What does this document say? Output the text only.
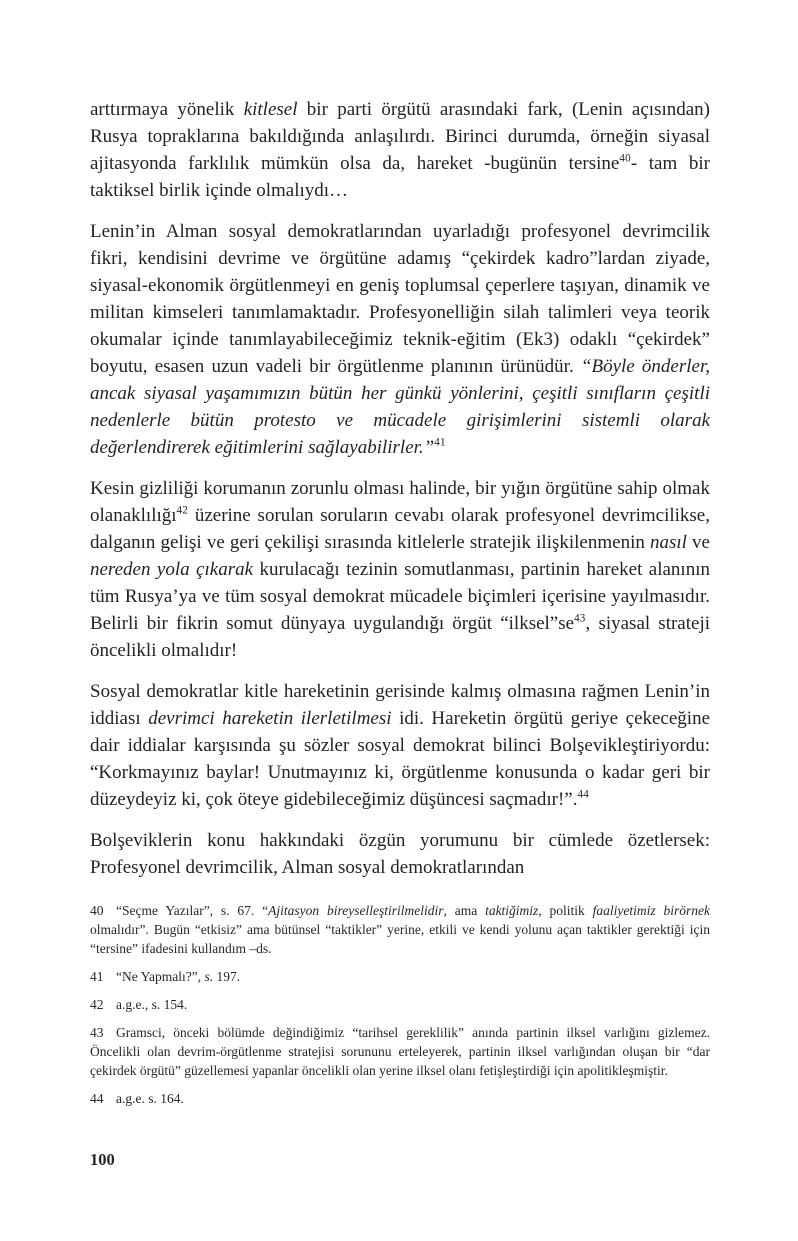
arttırmaya yönelik kitlesel bir parti örgütü arasındaki fark, (Lenin açısından) Rusya topraklarına bakıldığında anlaşılırdı. Birinci durumda, örneğin siyasal ajitasyonda farklılık mümkün olsa da, hareket -bugünün tersine$^{40}$- tam bir taktiksel birlik içinde olmalıydı…

Lenin’in Alman sosyal demokratlarından uyarladığı profesyonel devrimcilik fikri, kendisini devrime ve örgütüne adamış “çekirdek kadro”lardan ziyade, siyasal-ekonomik örgütlenmeyi en geniş toplumsal çeperlere taşıyan, dinamik ve militan kimseleri tanımlamaktadır. Profesyonelliğin silah talimleri veya teorik okumalar içinde tanımlayabileceğimiz teknik-eğitim (Ek3) odaklı “çekirdek” boyutu, esasen uzun vadeli bir örgütlenme planının ürünüdür. “Böyle önderler, ancak siyasal yaşamımızın bütün her günkü yönlerini, çeşitli sınıfların çeşitli nedenlerle bütün protesto ve mücadele girişimlerini sistemli olarak değerlendirerek eğitimlerini sağlayabilirler.”$^{41}$

Kesin gizliliği korumanın zorunlu olması halinde, bir yığın örgütüne sahip olmak olanaklılığı$^{42}$ üzerine sorulan soruların cevabı olarak profesyonel devrimcilikse, dalganın gelişi ve geri çekilişi sırasında kitlelerle stratejik ilişkilenmenin nasıl ve nereden yola çıkarak kurulacağı tezinin somutlanması, partinin hareket alanının tüm Rusya’ya ve tüm sosyal demokrat mücadele biçimleri içerisine yayılmasıdır. Belirli bir fikrin somut dünyaya uygulandığı örgüt “ilksel”se$^{43}$, siyasal strateji öncelikli olmalıdır!

Sosyal demokratlar kitle hareketinin gerisinde kalmış olmasına rağmen Lenin’in iddiası devrimci hareketin ilerletilmesi idi. Hareketin örgütü geriye çekeceğine dair iddialar karşısında şu sözler sosyal demokrat bilinci Bolşevikleştiriyordu: “Korkmayınız baylar! Unutmayınız ki, örgütlenme konusunda o kadar geri bir düzeydeyiz ki, çok öteye gidebileceğimiz düşüncesi saçmadır!”.$^{44}$

Bolşeviklerin konu hakkındaki özgün yorumunu bir cümlede özetlersek: Profesyonel devrimcilik, Alman sosyal demokratlarından

40 “Seçme Yazılar”, s. 67. “Ajitasyon bireyselleştirilmelidir, ama taktiğimiz, politik faaliyetimiz birörnek olmalıdır”. Bugün “etkisiz” ama bütünsel “taktikler” yerine, etkili ve kendi yolunu açan taktikler gerektiği için “tersine” ifadesini kullandım –ds.

41 “Ne Yapmalı?”, s. 197.

42 a.g.e., s. 154.

43 Gramsci, önceki bölümde değindiğimiz “tarihsel gereklilik” anında partinin ilksel varlığını gizlemez. Öncelikli olan devrim-örgütlenme stratejisi sorununu erteleyerek, partinin ilksel varlığından oluşan bir “dar çekirdek örgütü” güzellemesi yapanlar öncelikli olan yerine ilksel olanı fetişleştirdiği için apolitikleşmiştir.

44 a.g.e. s. 164.

100
